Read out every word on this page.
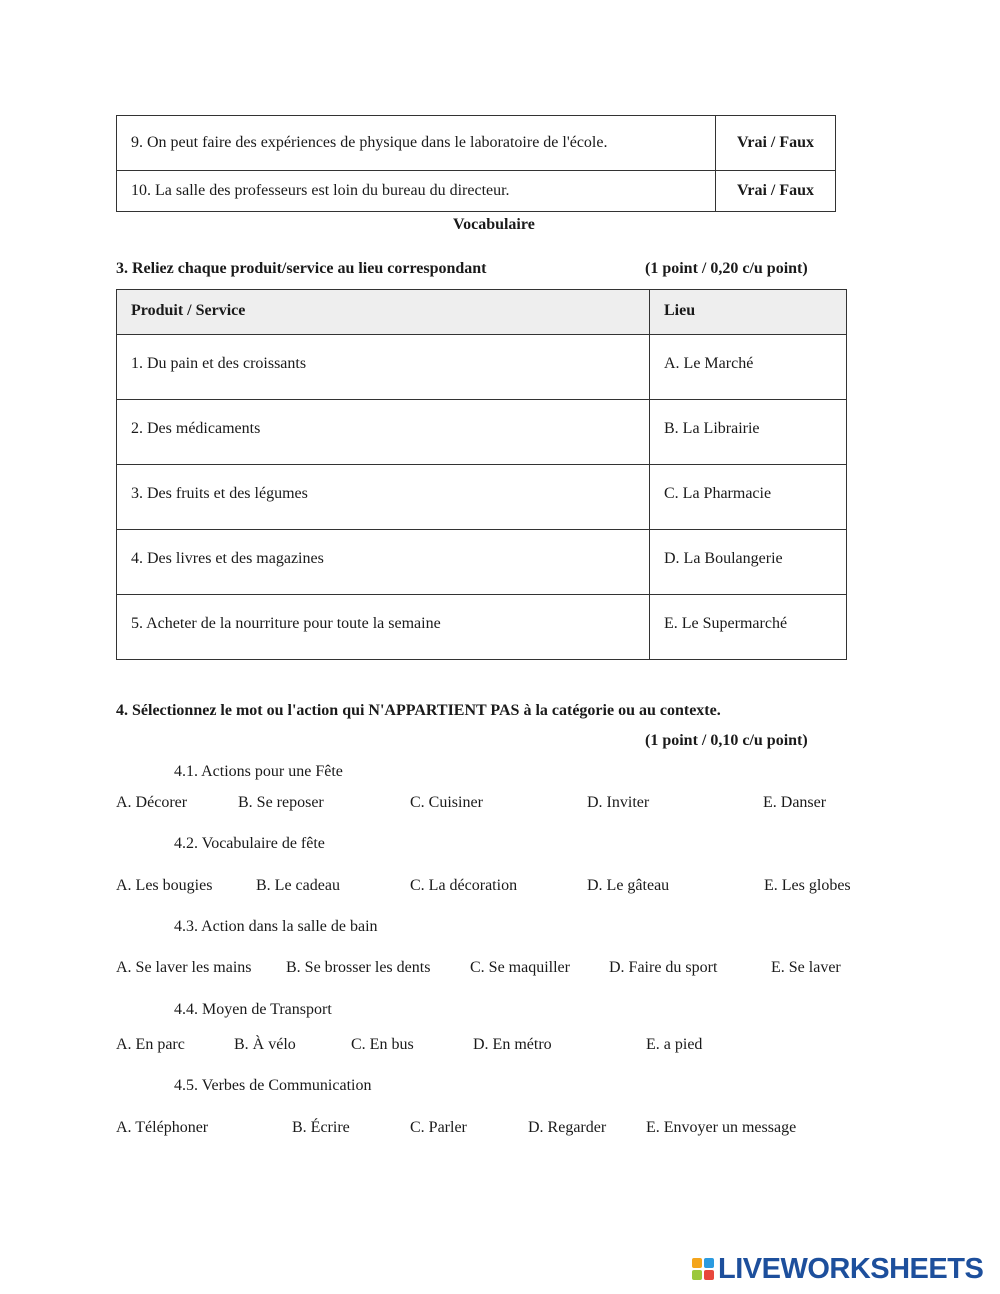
9. On peut faire des expériences de physique dans le laboratoire de l'école.	Vrai / Faux
10. La salle des professeurs est loin du bureau du directeur.	Vrai / Faux
Vocabulaire
3. Reliez chaque produit/service au lieu correspondant	(1 point / 0,20 c/u point)
Produit / Service	Lieu
1. Du pain et des croissants	A. Le Marché
2. Des médicaments	B. La Librairie
3. Des fruits et des légumes	C. La Pharmacie
4. Des livres et des magazines	D. La Boulangerie
5. Acheter de la nourriture pour toute la semaine	E. Le Supermarché
4. Sélectionnez le mot ou l'action qui N'APPARTIENT PAS à la catégorie ou au contexte.
(1 point / 0,10 c/u point)
4.1. Actions pour une Fête
A. Décorer	B. Se reposer	C. Cuisiner	D. Inviter	E. Danser
4.2. Vocabulaire de fête
A. Les bougies	B. Le cadeau	C. La décoration	D. Le gâteau	E. Les globes
4.3. Action dans la salle de bain
A. Se laver les mains B. Se brosser les dents C. Se maquiller D. Faire du sport	E. Se laver
4.4. Moyen de Transport
A. En parc	B. À vélo	C. En bus	D. En métro	E. a pied
4.5. Verbes de Communication
A. Téléphoner	B. Écrire	C. Parler	D. Regarder E. Envoyer un message
LIVEWORKSHEETS
